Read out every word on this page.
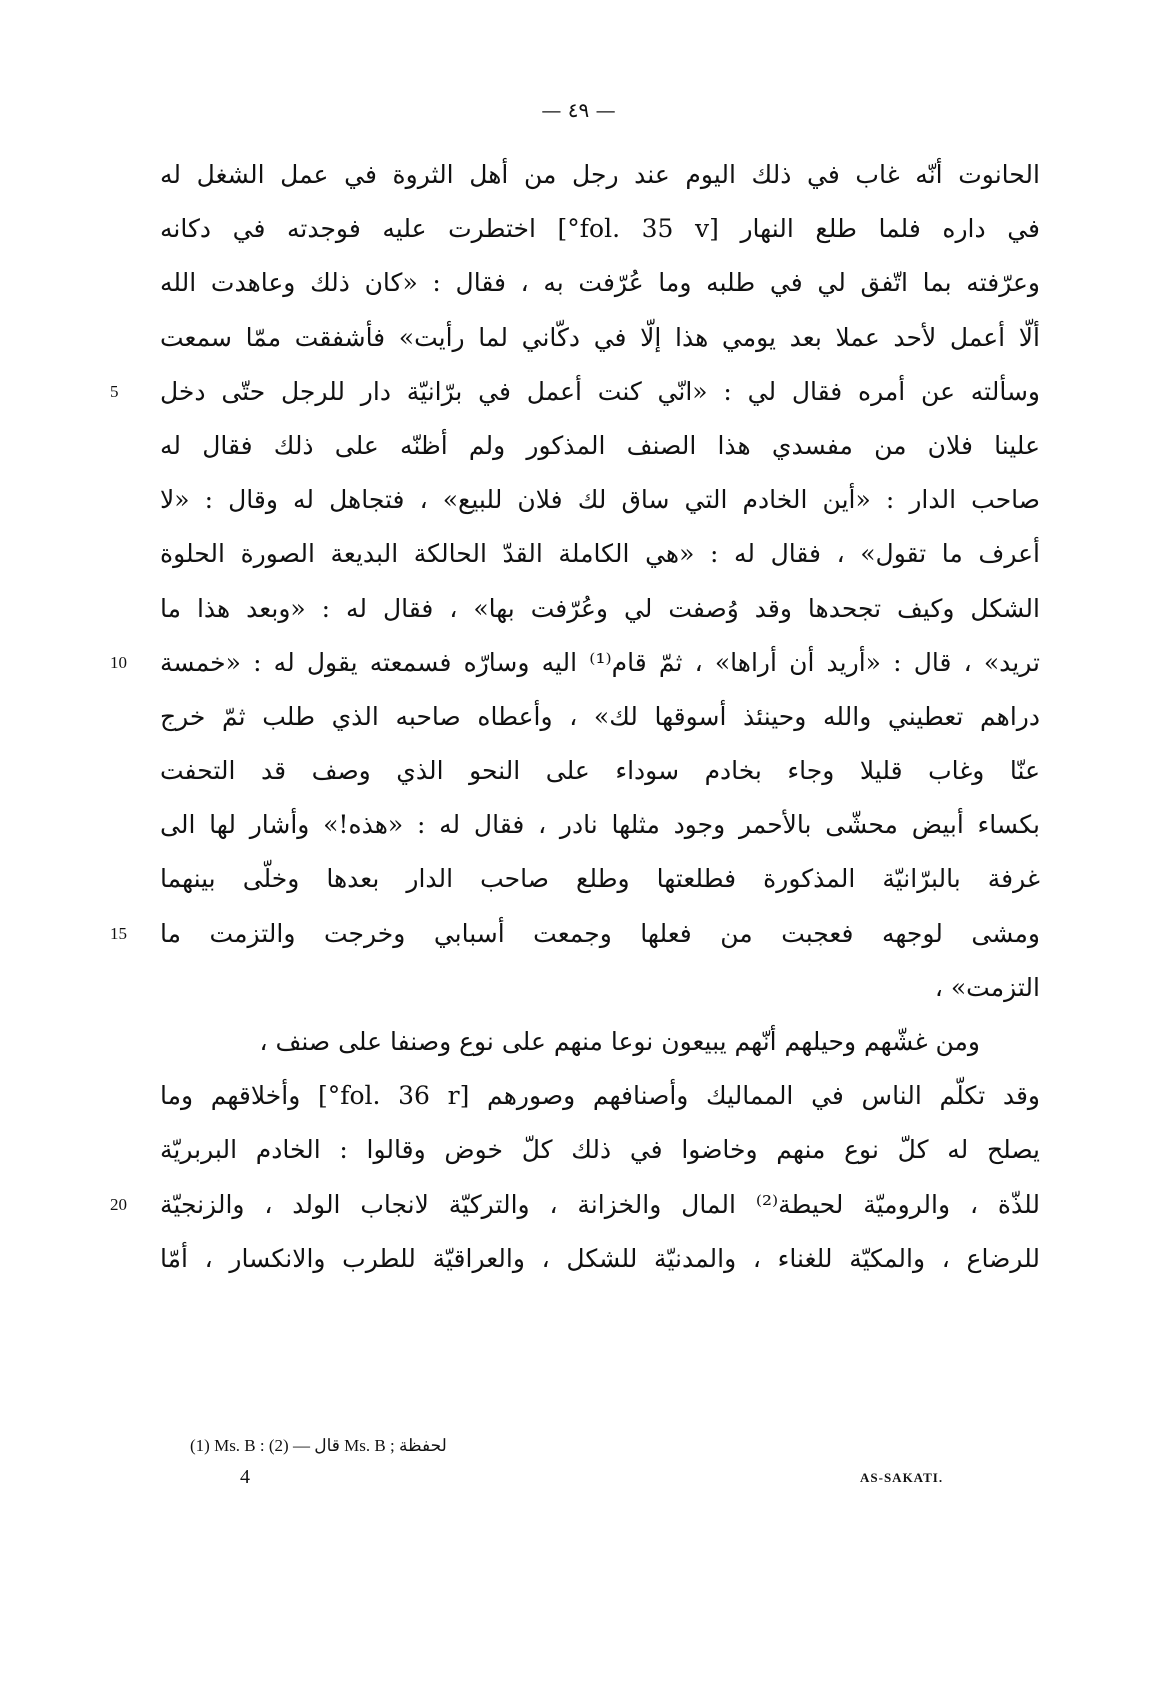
— ٤٩ —
الحانوت أنّه غاب في ذلك اليوم عند رجل من أهل الثروة في عمل الشغل له
في داره فلما طلع النهار [fol. 35 v°] اختطرت عليه فوجدته في دكانه
وعرّفته بما اتّفق لي في طلبه وما عُرّفت به ، فقال : «كان ذلك وعاهدت الله
ألّا أعمل لأحد عملا بعد يومي هذا إلّا في دكّاني لما رأيت» فأشفقت ممّا سمعت
وسألته عن أمره فقال لي : «انّي كنت أعمل في برّانيّة دار للرجل حتّى دخل
5
علينا فلان من مفسدي هذا الصنف المذكور ولم أظنّه على ذلك فقال له
صاحب الدار : «أين الخادم التي ساق لك فلان للبيع» ، فتجاهل له وقال : «لا
أعرف ما تقول» ، فقال له : «هي الكاملة القدّ الحالكة البديعة الصورة الحلوة
الشكل وكيف تجحدها وقد وُصفت لي وعُرّفت بها» ، فقال له : «وبعد هذا ما
تريد» ، قال : «أريد أن أراها» ، ثمّ قام⁽¹⁾ اليه وسارّه فسمعته يقول له : «خمسة
10
دراهم تعطيني والله وحينئذ أسوقها لك» ، وأعطاه صاحبه الذي طلب ثمّ خرج
عنّا وغاب قليلا وجاء بخادم سوداء على النحو الذي وصف قد التحفت
بكساء أبيض محشّى بالأحمر وجود مثلها نادر ، فقال له : «هذه!» وأشار لها الى
غرفة بالبرّانيّة المذكورة فطلعتها وطلع صاحب الدار بعدها وخلّى بينهما
ومشى لوجهه فعجبت من فعلها وجمعت أسبابي وخرجت والتزمت ما
15
التزمت» ،
ومن غشّهم وحيلهم أنّهم يبيعون نوعا منهم على نوع وصنفا على صنف ،
وقد تكلّم الناس في المماليك وأصنافهم وصورهم [fol. 36 r°] وأخلاقهم وما
يصلح له كلّ نوع منهم وخاضوا في ذلك كلّ خوض وقالوا : الخادم البربريّة
للذّة ، والروميّة لحيطة⁽²⁾ المال والخزانة ، والتركيّة لانجاب الولد ، والزنجيّة
20
للرضاع ، والمكيّة للغناء ، والمدنيّة للشكل ، والعراقيّة للطرب والانكسار ، أمّا
(1) Ms. B :	قال — (2) Ms. B ; لحفظة
4	AS-SAKATI.
